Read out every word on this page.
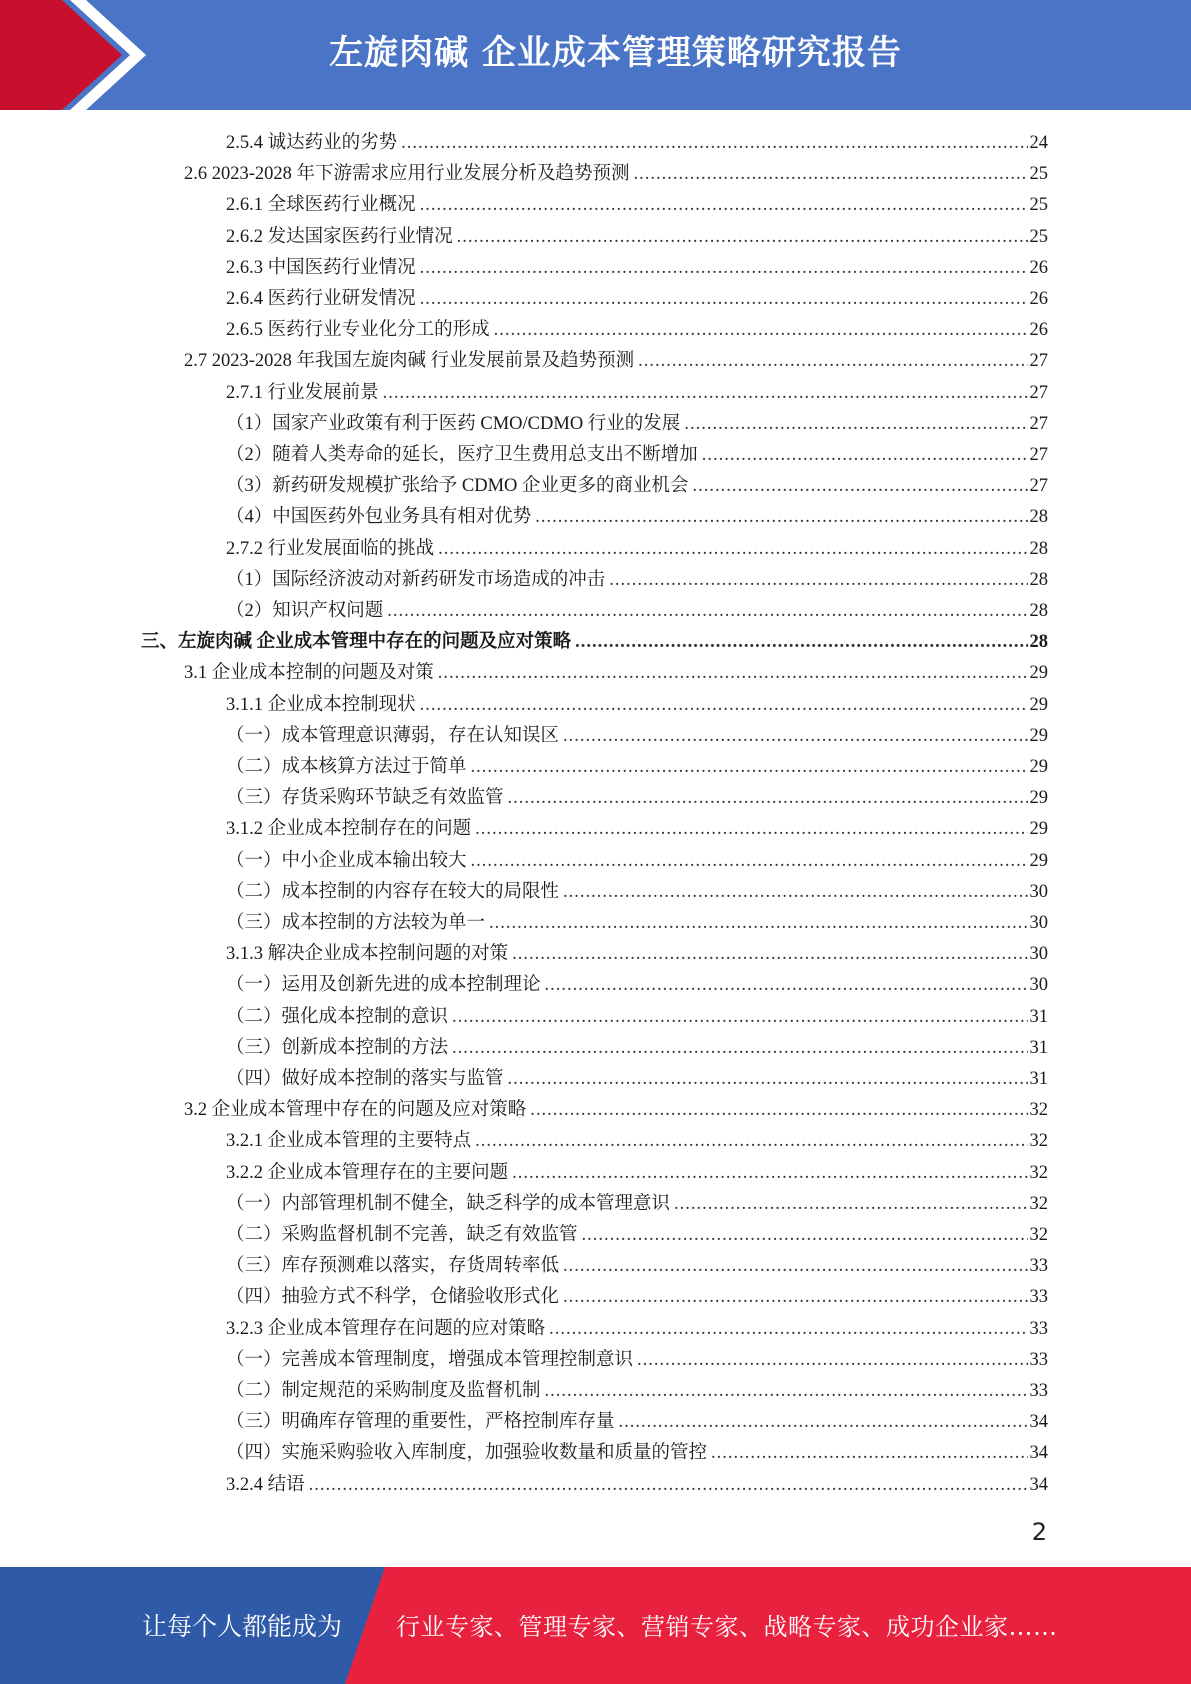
左旋肉碱 企业成本管理策略研究报告
2.5.4 诚达药业的劣势 .....	24
2.6 2023-2028 年下游需求应用行业发展分析及趋势预测 .....	25
2.6.1 全球医药行业概况 .....	25
2.6.2 发达国家医药行业情况 .....	25
2.6.3 中国医药行业情况 .....	26
2.6.4 医药行业研发情况 .....	26
2.6.5 医药行业专业化分工的形成 .....	26
2.7 2023-2028 年我国左旋肉碱 行业发展前景及趋势预测 .....	27
2.7.1 行业发展前景 .....	27
（1）国家产业政策有利于医药 CMO/CDMO 行业的发展 .....	27
（2）随着人类寿命的延长，医疗卫生费用总支出不断增加 .....	27
（3）新药研发规模扩张给予 CDMO 企业更多的商业机会 .....	27
（4）中国医药外包业务具有相对优势 .....	28
2.7.2 行业发展面临的挑战 .....	28
（1）国际经济波动对新药研发市场造成的冲击 .....	28
（2）知识产权问题 .....	28
三、左旋肉碱 企业成本管理中存在的问题及应对策略 .....	28
3.1 企业成本控制的问题及对策 .....	29
3.1.1 企业成本控制现状 .....	29
（一）成本管理意识薄弱，存在认知误区 .....	29
（二）成本核算方法过于简单 .....	29
（三）存货采购环节缺乏有效监管 .....	29
3.1.2 企业成本控制存在的问题 .....	29
（一）中小企业成本输出较大 .....	29
（二）成本控制的内容存在较大的局限性 .....	30
（三）成本控制的方法较为单一 .....	30
3.1.3 解决企业成本控制问题的对策 .....	30
（一）运用及创新先进的成本控制理论 .....	30
（二）强化成本控制的意识 .....	31
（三）创新成本控制的方法 .....	31
（四）做好成本控制的落实与监管 .....	31
3.2 企业成本管理中存在的问题及应对策略 .....	32
3.2.1 企业成本管理的主要特点 .....	32
3.2.2 企业成本管理存在的主要问题 .....	32
（一）内部管理机制不健全，缺乏科学的成本管理意识 .....	32
（二）采购监督机制不完善，缺乏有效监管 .....	32
（三）库存预测难以落实，存货周转率低 .....	33
（四）抽验方式不科学，仓储验收形式化 .....	33
3.2.3 企业成本管理存在问题的应对策略 .....	33
（一）完善成本管理制度，增强成本管理控制意识 .....	33
（二）制定规范的采购制度及监督机制 .....	33
（三）明确库存管理的重要性，严格控制库存量 .....	34
（四）实施采购验收入库制度，加强验收数量和质量的管控 .....	34
3.2.4 结语 .....	34
2
让每个人都能成为 行业专家、管理专家、营销专家、战略专家、成功企业家……
